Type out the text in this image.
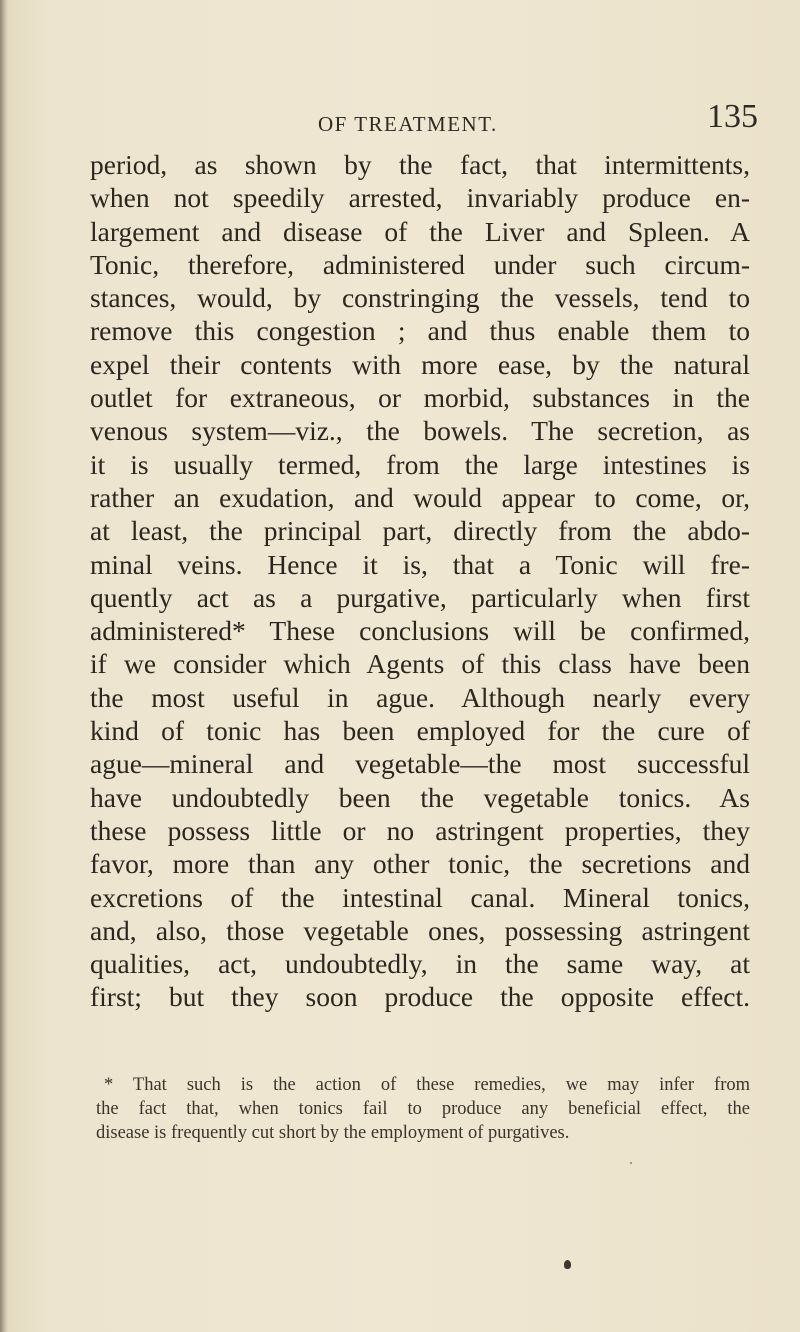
OF TREATMENT.	135
period, as shown by the fact, that intermittents,
when not speedily arrested, invariably produce en-
largement and disease of the Liver and Spleen. A
Tonic, therefore, administered under such circum-
stances, would, by constringing the vessels, tend to
remove this congestion ; and thus enable them to
expel their contents with more ease, by the natural
outlet for extraneous, or morbid, substances in the
venous system—viz., the bowels. The secretion, as
it is usually termed, from the large intestines is
rather an exudation, and would appear to come, or,
at least, the principal part, directly from the abdo-
minal veins. Hence it is, that a Tonic will fre-
quently act as a purgative, particularly when first
administered* These conclusions will be confirmed,
if we consider which Agents of this class have been
the most useful in ague. Although nearly every
kind of tonic has been employed for the cure of
ague—mineral and vegetable—the most successful
have undoubtedly been the vegetable tonics. As
these possess little or no astringent properties, they
favor, more than any other tonic, the secretions and
excretions of the intestinal canal. Mineral tonics,
and, also, those vegetable ones, possessing astringent
qualities, act, undoubtedly, in the same way, at
first; but they soon produce the opposite effect.
* That such is the action of these remedies, we may infer from
the fact that, when tonics fail to produce any beneficial effect, the
disease is frequently cut short by the employment of purgatives.
